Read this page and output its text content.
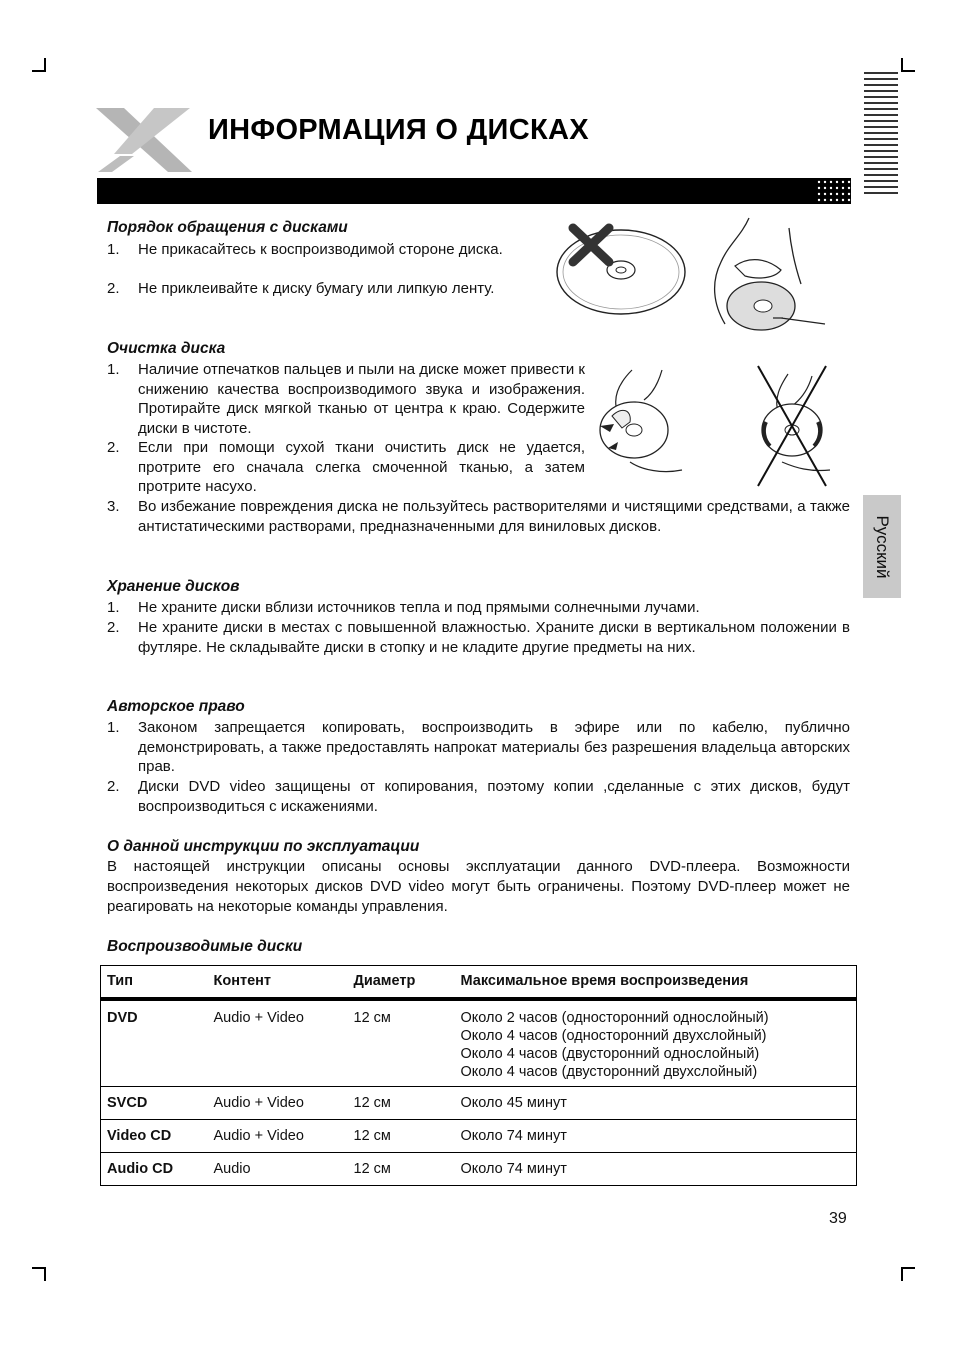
ИНФОРМАЦИЯ О ДИСКАХ
Русский
Порядок обращения с дисками
1. Не прикасайтесь к воспроизводимой стороне диска.
2. Не приклеивайте к диску бумагу или липкую ленту.
Очистка диска
1. Наличие отпечатков пальцев и пыли на диске может привести к снижению качества воспроизводимого звука и изображения. Протирайте диск мягкой тканью от центра к краю. Содержите диски в чистоте.
2. Если при помощи сухой ткани очистить диск не удается, протрите его сначала слегка смоченной тканью, а затем протрите насухо.
3. Во избежание повреждения диска не пользуйтесь растворителями и чистящими средствами, а также антистатическими растворами, предназначенными для виниловых дисков.
Хранение дисков
1. Не храните диски вблизи источников тепла и под прямыми солнечными лучами.
2. Не храните диски в местах с повышенной влажностью. Храните диски в вертикальном положении в футляре. Не складывайте диски в стопку и не кладите другие предметы на них.
Авторское право
1. Законом запрещается копировать, воспроизводить в эфире или по кабелю, публично демонстрировать, а также предоставлять напрокат материалы без разрешения владельца авторских прав.
2. Диски DVD video защищены от копирования, поэтому копии ,сделанные с этих дисков, будут воспроизводиться с искажениями.
О данной инструкции по эксплуатации
В настоящей инструкции описаны основы эксплуатации данного DVD-плеера. Возможности воспроизведения некоторых дисков DVD video могут быть ограничены. Поэтому DVD-плеер может не реагировать на некоторые команды управления.
Воспроизводимые диски
Тип	Контент	Диаметр	Максимальное время воспроизведения
DVD	Audio + Video	12 см	Около 2 часов (односторонний однослойный)
Около 4 часов (односторонний двухслойный)
Около 4 часов (двусторонний однослойный)
Около 4 часов (двусторонний двухслойный)

SVCD	Audio + Video	12 см	Около 45 минут
Video CD	Audio + Video	12 см	Около 74 минут
Audio CD	Audio	12 см	Около 74 минут
39
